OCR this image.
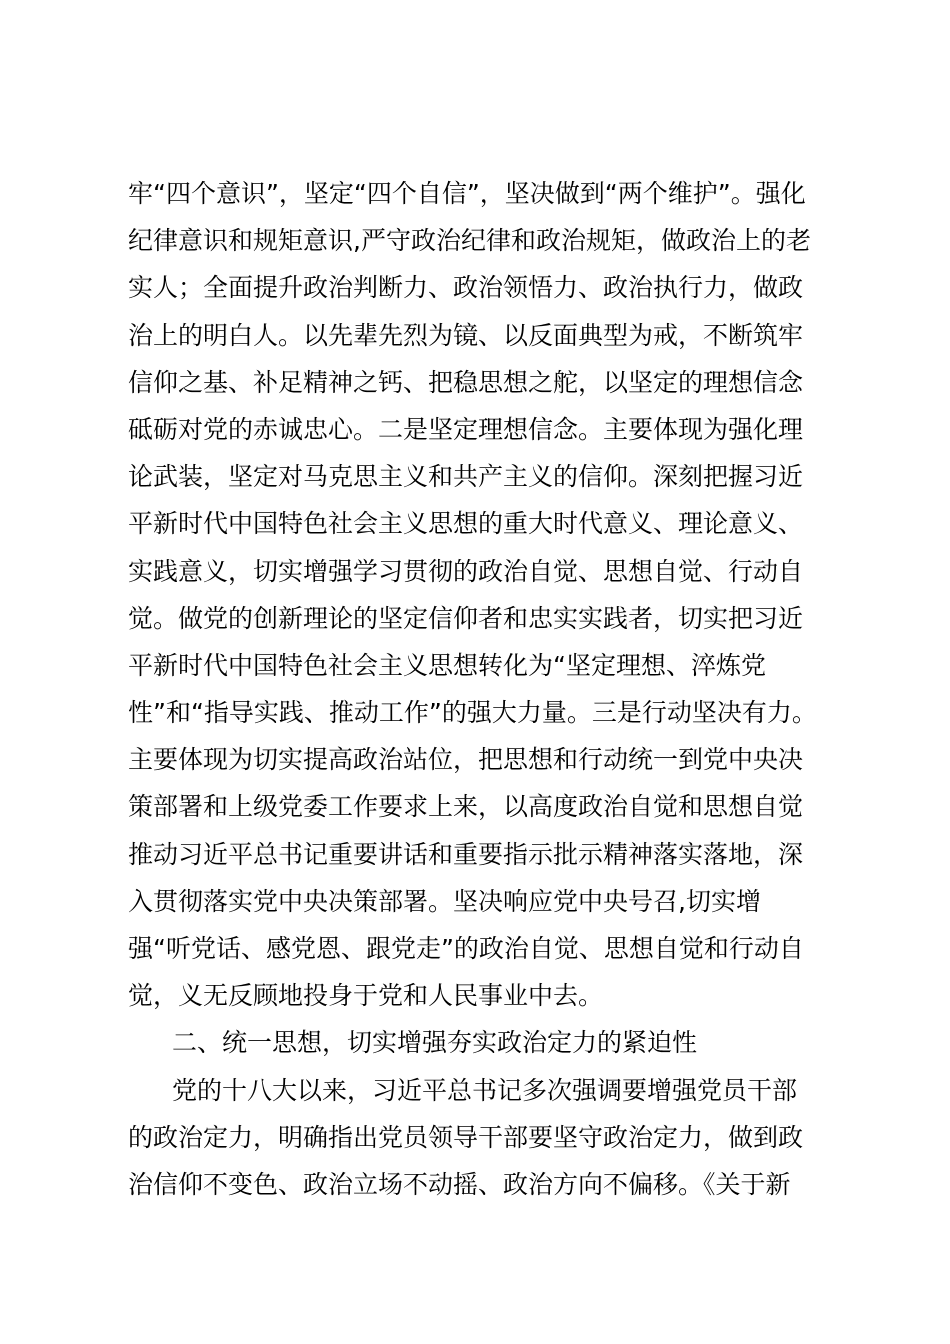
牢“四个意识”，坚定“四个自信”，坚决做到“两个维护”。强化
纪律意识和规矩意识,严守政治纪律和政治规矩，做政治上的老
实人；全面提升政治判断力、政治领悟力、政治执行力，做政
治上的明白人。以先辈先烈为镜、以反面典型为戒，不断筑牢
信仰之基、补足精神之钙、把稳思想之舵，以坚定的理想信念
砥砺对党的赤诚忠心。二是坚定理想信念。主要体现为强化理
论武装，坚定对马克思主义和共产主义的信仰。深刻把握习近
平新时代中国特色社会主义思想的重大时代意义、理论意义、
实践意义，切实增强学习贯彻的政治自觉、思想自觉、行动自
觉。做党的创新理论的坚定信仰者和忠实实践者，切实把习近
平新时代中国特色社会主义思想转化为“坚定理想、淬炼党
性”和“指导实践、推动工作”的强大力量。三是行动坚决有力。
主要体现为切实提高政治站位，把思想和行动统一到党中央决
策部署和上级党委工作要求上来，以高度政治自觉和思想自觉
推动习近平总书记重要讲话和重要指示批示精神落实落地，深
入贯彻落实党中央决策部署。坚决响应党中央号召,切实增
强“听党话、感党恩、跟党走”的政治自觉、思想自觉和行动自
觉，义无反顾地投身于党和人民事业中去。
二、统一思想，切实增强夯实政治定力的紧迫性
党的十八大以来，习近平总书记多次强调要增强党员干部
的政治定力，明确指出党员领导干部要坚守政治定力，做到政
治信仰不变色、政治立场不动摇、政治方向不偏移。《关于新
